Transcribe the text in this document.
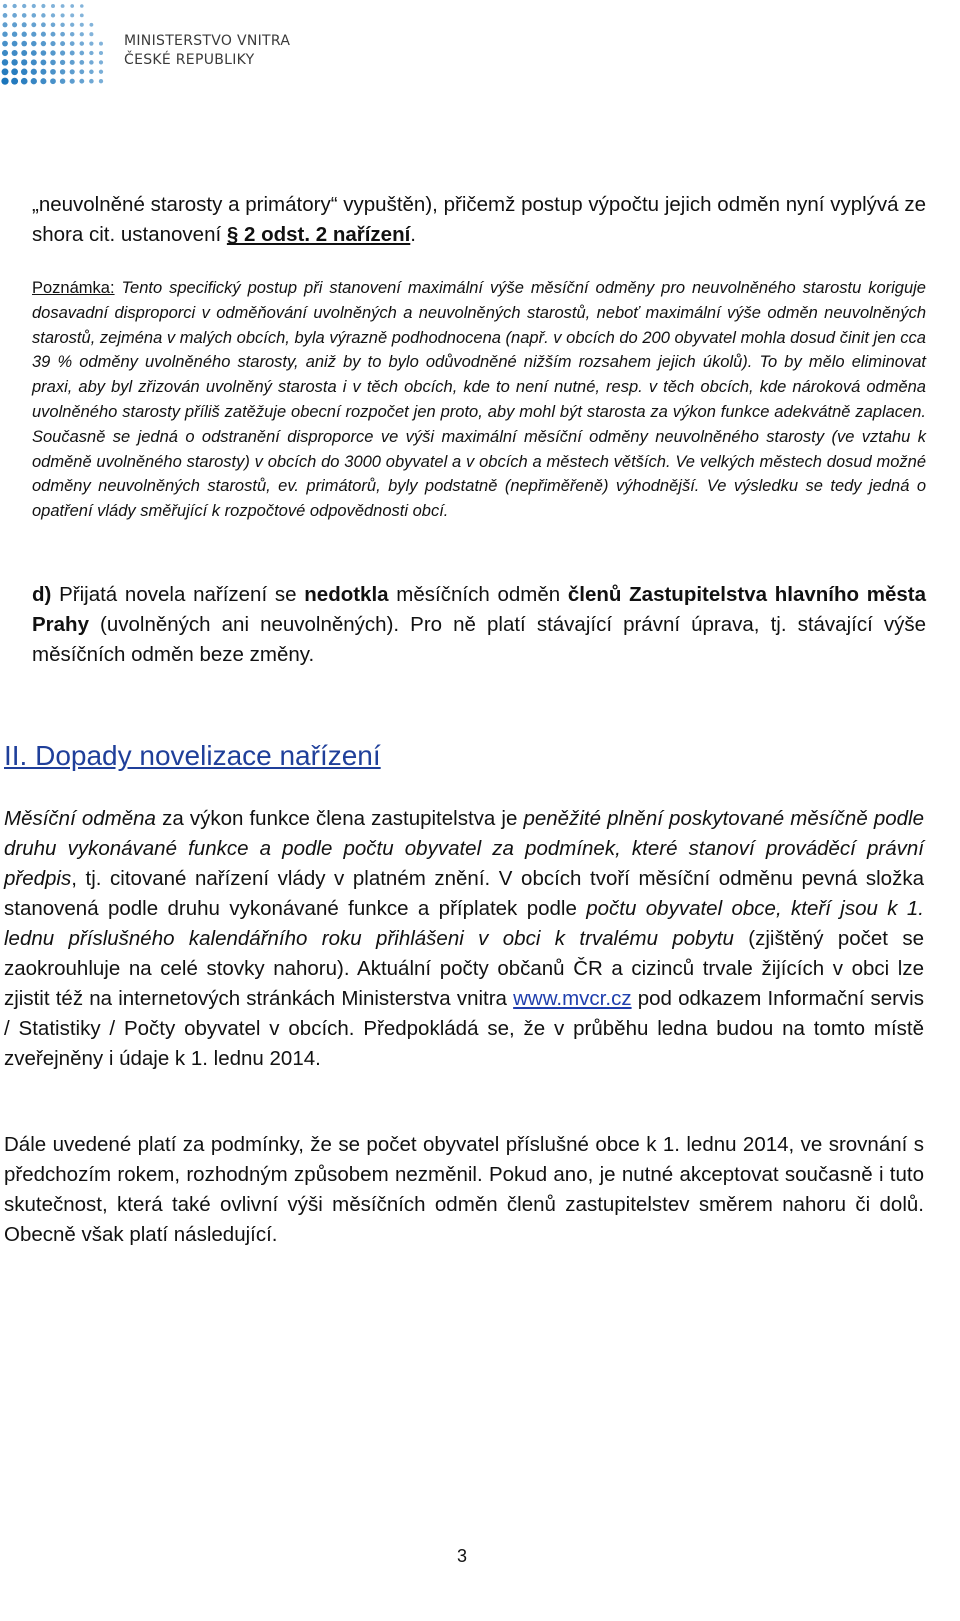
MINISTERSTVO VNITRA
ČESKÉ REPUBLIKY

„neuvolněné starosty a primátory“ vypuštěn), přičemž postup výpočtu jejich odměn nyní vyplývá ze shora cit. ustanovení § 2 odst. 2 nařízení.

Poznámka: Tento specifický postup při stanovení maximální výše měsíční odměny pro neuvolněného starostu koriguje dosavadní disproporci v odměňování uvolněných a neuvolněných starostů, neboť maximální výše odměn neuvolněných starostů, zejména v malých obcích, byla výrazně podhodnocena (např. v obcích do 200 obyvatel mohla dosud činit jen cca 39 % odměny uvolněného starosty, aniž by to bylo odůvodněné nižším rozsahem jejich úkolů). To by mělo eliminovat praxi, aby byl zřizován uvolněný starosta i v těch obcích, kde to není nutné, resp. v těch obcích, kde nároková odměna uvolněného starosty příliš zatěžuje obecní rozpočet jen proto, aby mohl být starosta za výkon funkce adekvátně zaplacen. Současně se jedná o odstranění disproporce ve výši maximální měsíční odměny neuvolněného starosty (ve vztahu k odměně uvolněného starosty) v obcích do 3000 obyvatel a v obcích a městech větších. Ve velkých městech dosud možné odměny neuvolněných starostů, ev. primátorů, byly podstatně (nepřiměřeně) výhodnější. Ve výsledku se tedy jedná o opatření vlády směřující k rozpočtové odpovědnosti obcí.

d) Přijatá novela nařízení se nedotkla měsíčních odměn členů Zastupitelstva hlavního města Prahy (uvolněných ani neuvolněných). Pro ně platí stávající právní úprava, tj. stávající výše měsíčních odměn beze změny.

II. Dopady novelizace nařízení

Měsíční odměna za výkon funkce člena zastupitelstva je peněžité plnění poskytované měsíčně podle druhu vykonávané funkce a podle počtu obyvatel za podmínek, které stanoví prováděcí právní předpis, tj. citované nařízení vlády v platném znění. V obcích tvoří měsíční odměnu pevná složka stanovená podle druhu vykonávané funkce a příplatek podle počtu obyvatel obce, kteří jsou k 1. lednu příslušného kalendářního roku přihlášeni v obci k trvalému pobytu (zjištěný počet se zaokrouhluje na celé stovky nahoru). Aktuální počty občanů ČR a cizinců trvale žijících v obci lze zjistit též na internetových stránkách Ministerstva vnitra www.mvcr.cz pod odkazem Informační servis / Statistiky / Počty obyvatel v obcích. Předpokládá se, že v průběhu ledna budou na tomto místě zveřejněny i údaje k 1. lednu 2014.

Dále uvedené platí za podmínky, že se počet obyvatel příslušné obce k 1. lednu 2014, ve srovnání s předchozím rokem, rozhodným způsobem nezměnil. Pokud ano, je nutné akceptovat současně i tuto skutečnost, která také ovlivní výši měsíčních odměn členů zastupitelstev směrem nahoru či dolů. Obecně však platí následující.

3
